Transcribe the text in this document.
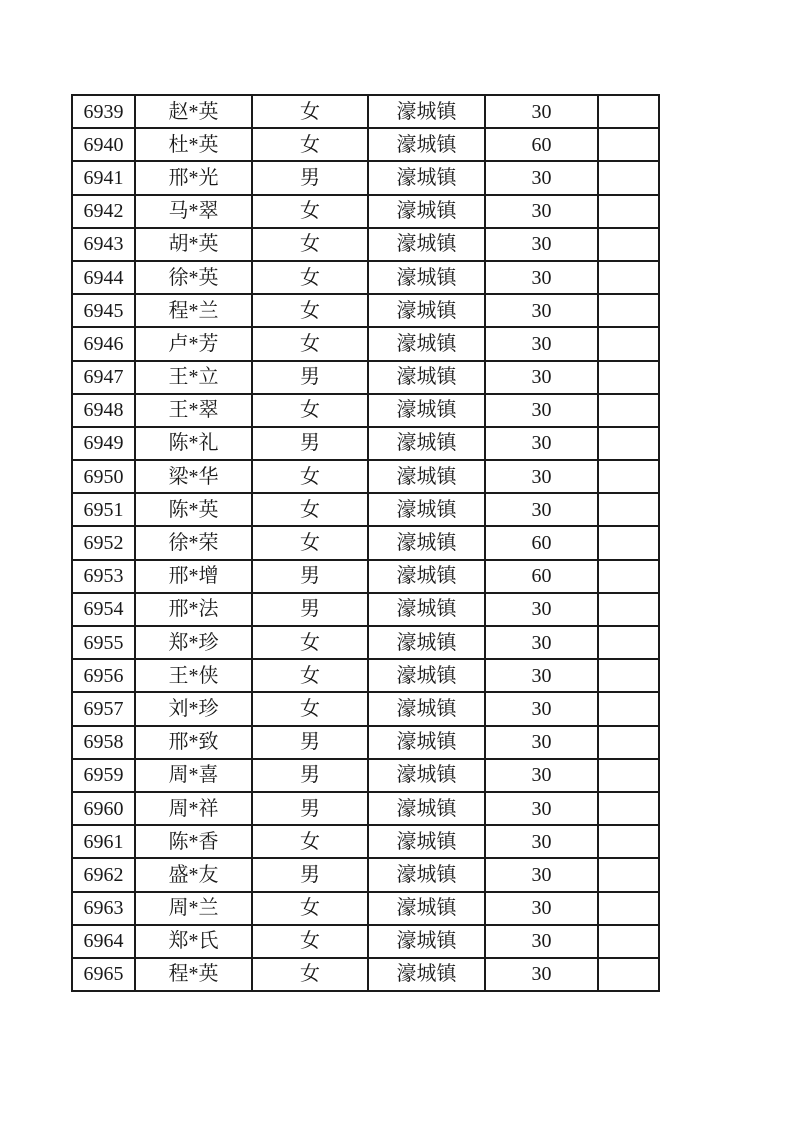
6939	赵*英	女	濠城镇	30	
6940	杜*英	女	濠城镇	60	
6941	邢*光	男	濠城镇	30	
6942	马*翠	女	濠城镇	30	
6943	胡*英	女	濠城镇	30	
6944	徐*英	女	濠城镇	30	
6945	程*兰	女	濠城镇	30	
6946	卢*芳	女	濠城镇	30	
6947	王*立	男	濠城镇	30	
6948	王*翠	女	濠城镇	30	
6949	陈*礼	男	濠城镇	30	
6950	梁*华	女	濠城镇	30	
6951	陈*英	女	濠城镇	30	
6952	徐*荣	女	濠城镇	60	
6953	邢*增	男	濠城镇	60	
6954	邢*法	男	濠城镇	30	
6955	郑*珍	女	濠城镇	30	
6956	王*侠	女	濠城镇	30	
6957	刘*珍	女	濠城镇	30	
6958	邢*致	男	濠城镇	30	
6959	周*喜	男	濠城镇	30	
6960	周*祥	男	濠城镇	30	
6961	陈*香	女	濠城镇	30	
6962	盛*友	男	濠城镇	30	
6963	周*兰	女	濠城镇	30	
6964	郑*氏	女	濠城镇	30	
6965	程*英	女	濠城镇	30	
